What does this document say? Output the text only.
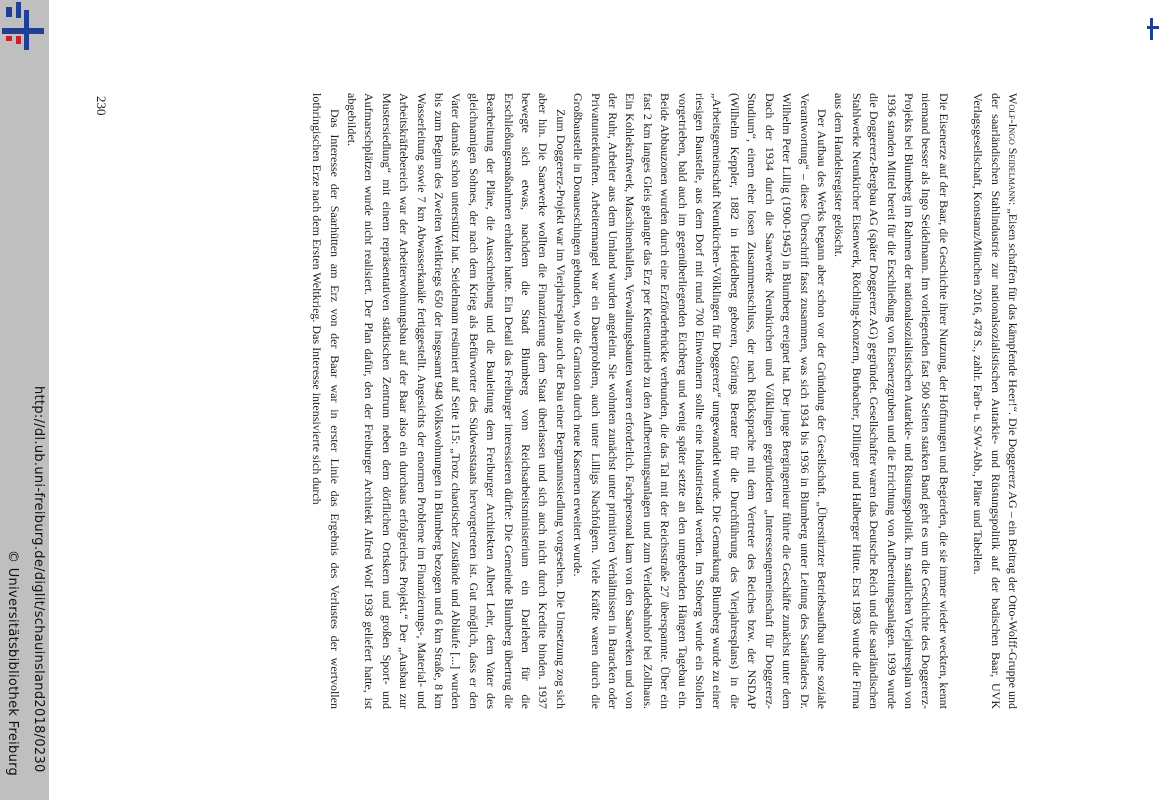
http://dl.ub.uni-freiburg.de/diglit/schauinsland2018/0230
© Universitätsbibliothek Freiburg
230	Wolf-Ingo Seidelmann: „Eisen schaffen für das kämpfende Heer!“. Die Doggererz AG – ein Beitrag der Otto-Wolff-Gruppe und der saarländischen Stahlindustrie zur nationalsozialistischen Autarkie- und Rüstungspolitik auf der badischen Baar, UVK Verlagsgesellschaft, Konstanz/München 2016, 478 S., zahlr. Farb- u. S/W-Abb., Pläne und Tabellen.

Die Eisenerze auf der Baar, die Geschichte ihrer Nutzung, der Hoffnungen und Begierden, die sie immer wieder weckten, kennt niemand besser als Ingo Seidelmann. Im vorliegenden fast 500 Seiten starken Band geht es um die Geschichte des Doggererz-Projekts bei Blumberg im Rahmen der nationalsozialistischen Autarkie- und Rüstungspolitik. Im staatlichen Vierjahresplan von 1936 standen Mittel bereit für die Erschließung von Eisenerzgruben und die Errichtung von Aufbereitungsanlagen. 1939 wurde die Doggererz-Bergbau AG (später Doggererz AG) gegründet. Gesellschafter waren das Deutsche Reich und die saarländischen Stahlwerke Neunkircher Eisenwerk, Röchling-Konzern, Burbacher, Dillinger und Halberger Hütte. Erst 1983 wurde die Firma aus dem Handelsregister gelöscht.

Der Aufbau des Werks begann aber schon vor der Gründung der Gesellschaft. „Überstürzter Betriebsaufbau ohne soziale Verantwortung“ – diese Überschrift fasst zusammen, was sich 1934 bis 1936 in Blumberg unter Leitung des Saarländers Dr. Wilhelm Peter Lillig (1900-1945) in Blumberg ereignet hat. Der junge Bergingenieur führte die Geschäfte zunächst unter dem Dach der 1934 durch die Saarwerke Neunkirchen und Völklingen gegründeten „Interessengemeinschaft für Doggererz-Studium“, einem eher losen Zusammenschluss, der nach Rücksprache mit dem Vertreter des Reiches bzw. der NSDAP (Wilhelm Keppler, 1882 in Heidelberg geboren, Görings Berater für die Durchführung des Vierjahresplans) in die „Arbeitsgemeinschaft Neunkirchen-Völklingen für Doggererz“ umgewandelt wurde. Die Gemarkung Blumberg wurde zu einer riesigen Baustelle, aus dem Dorf mit rund 700 Einwohnern sollte eine Industriestadt werden. Im Stoberg wurde ein Stollen vorgetrieben, bald auch im gegenüberliegenden Eichberg und wenig später setzte an den umgebenden Hängen Tagebau ein. Beide Abbauzonen wurden durch eine Erzförderbrücke verbunden, die das Tal mit der Reichsstraße 27 überspannte. Über ein fast 2 km langes Gleis gelangte das Erz per Kettenantrieb zu den Aufbereitungsanlagen und zum Verladebahnhof bei Zollhaus. Ein Kohlekraftwerk, Maschinenhallen, Verwaltungsbauten waren erforderlich. Fachpersonal kam von den Saarwerken und von der Ruhr, Arbeiter aus dem Umland wurden angeleint. Sie wohnten zunächst unter primitiven Verhältnissen in Baracken oder Privatunterkünften. Arbeitermangel war ein Dauerproblem, auch unter Lilligs Nachfolgern. Viele Kräfte waren durch die Großbaustelle in Donaueschingen gebunden, wo die Garnison durch neue Kasernen erweitert wurde.

Zum Doggererz-Projekt war im Vierjahresplan auch der Bau einer Bergmannssiedlung vorgesehen. Die Umsetzung zog sich aber hin. Die Saarwerke wollten die Finanzierung dem Staat überlassen und sich auch nicht durch Kredite binden. 1937 bewegte sich etwas, nachdem die Stadt Blumberg vom Reichsarbeitsministerium ein Darlehen für die Erschließungsmaßnahmen erhalten hatte. Ein Detail das Freiburger interessieren dürfte: Die Gemeinde Blumberg übertrug die Bearbeitung der Pläne, die Ausschreibung und die Bauleitung dem Freiburger Architekten Albert Lehr, dem Vater des gleichnamigen Sohnes, der nach dem Krieg als Befürworter des Südweststaats hervorgetreten ist. Gut möglich, dass er den Vater damals schon unterstützt hat. Seidelmann resümiert auf Seite 115: „Trotz chaotischer Zustände und Abläufe [...] wurden bis zum Beginn des Zweiten Weltkriegs 650 der insgesamt 948 Volkswohnungen in Blumberg bezogen und 6 km Straße, 8 km Wasserleitung sowie 7 km Abwasserkanäle fertiggestellt. Angesichts der enormen Probleme im Finanzierungs-, Material- und Arbeitskräftebereich war der Arbeiterwohnungsbau auf der Baar also ein durchaus erfolgreiches Projekt.“ Der „Ausbau zur Mustersiedlung“ mit einem repräsentativen städtischen Zentrum neben dem dörflichen Ortskern und großen Sport- und Aufmarschplätzen wurde nicht realisiert. Der Plan dafür, den der Freiburger Architekt Alfred Wolf 1938 geliefert hatte, ist abgebildet.

Das Interesse der Saarhütten am Erz von der Baar war in erster Linie das Ergebnis des Verlustes der wertvollen lothringischen Erze nach dem Ersten Weltkrieg. Das Interesse intensivierte sich durch
